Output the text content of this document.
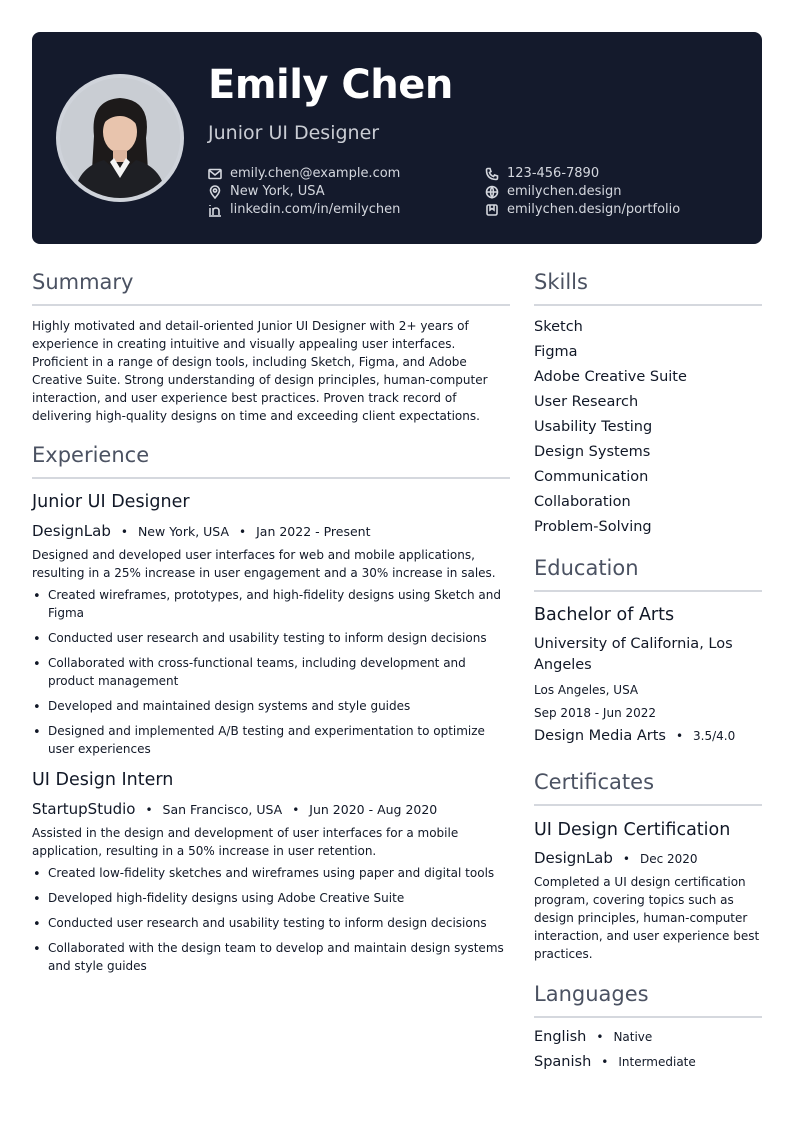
Emily Chen
Junior UI Designer
emily.chen@example.com
New York, USA
linkedin.com/in/emilychen
123-456-7890
emilychen.design
emilychen.design/portfolio
Summary
Highly motivated and detail-oriented Junior UI Designer with 2+ years of experience in creating intuitive and visually appealing user interfaces. Proficient in a range of design tools, including Sketch, Figma, and Adobe Creative Suite. Strong understanding of design principles, human-computer interaction, and user experience best practices. Proven track record of delivering high-quality designs on time and exceeding client expectations.
Experience
Junior UI Designer
DesignLab • New York, USA • Jan 2022 - Present
Designed and developed user interfaces for web and mobile applications, resulting in a 25% increase in user engagement and a 30% increase in sales.
• Created wireframes, prototypes, and high-fidelity designs using Sketch and Figma
• Conducted user research and usability testing to inform design decisions
• Collaborated with cross-functional teams, including development and product management
• Developed and maintained design systems and style guides
• Designed and implemented A/B testing and experimentation to optimize user experiences
UI Design Intern
StartupStudio • San Francisco, USA • Jun 2020 - Aug 2020
Assisted in the design and development of user interfaces for a mobile application, resulting in a 50% increase in user retention.
• Created low-fidelity sketches and wireframes using paper and digital tools
• Developed high-fidelity designs using Adobe Creative Suite
• Conducted user research and usability testing to inform design decisions
• Collaborated with the design team to develop and maintain design systems and style guides
Skills
Sketch
Figma
Adobe Creative Suite
User Research
Usability Testing
Design Systems
Communication
Collaboration
Problem-Solving
Education
Bachelor of Arts
University of California, Los Angeles
Los Angeles, USA
Sep 2018 - Jun 2022
Design Media Arts • 3.5/4.0
Certificates
UI Design Certification
DesignLab • Dec 2020
Completed a UI design certification program, covering topics such as design principles, human-computer interaction, and user experience best practices.
Languages
English • Native
Spanish • Intermediate
